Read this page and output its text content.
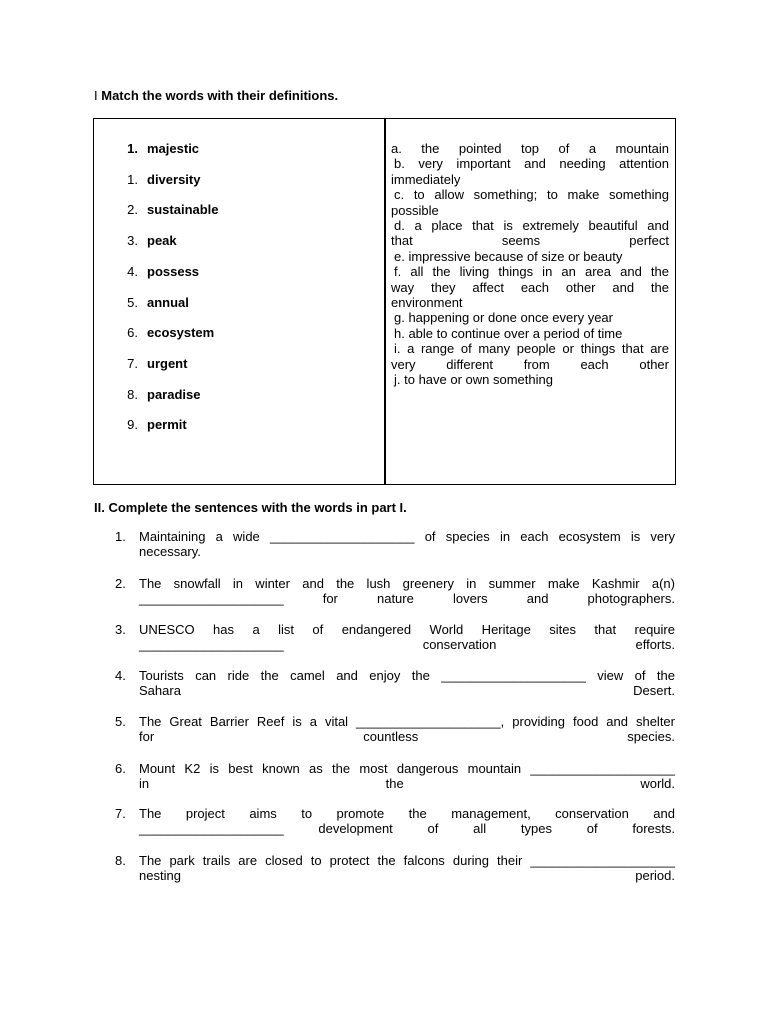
I Match the words with their definitions.
1. majestic
1. diversity
2. sustainable
3. peak
4. possess
5. annual
6. ecosystem
7. urgent
8. paradise
9. permit
a. the pointed top of a mountain
b. very important and needing attention
immediately
c. to allow something; to make something
possible
d. a place that is extremely beautiful and
that seems perfect
e. impressive because of size or beauty
f. all the living things in an area and the
way they affect each other and the
environment
g. happening or done once every year
h. able to continue over a period of time
i. a range of many people or things that are
very different from each other
j. to have or own something
II. Complete the sentences with the words in part I.
1. Maintaining a wide ____________________ of species in each ecosystem is very
necessary.
2. The snowfall in winter and the lush greenery in summer make Kashmir a(n)
____________________ for nature lovers and photographers.
3. UNESCO has a list of endangered World Heritage sites that require
____________________ conservation efforts.
4. Tourists can ride the camel and enjoy the ____________________ view of the
Sahara Desert.
5. The Great Barrier Reef is a vital ____________________, providing food and shelter
for countless species.
6. Mount K2 is best known as the most dangerous mountain ____________________
in the world.
7. The project aims to promote the management, conservation and
____________________ development of all types of forests.
8. The park trails are closed to protect the falcons during their ____________________
nesting period.
